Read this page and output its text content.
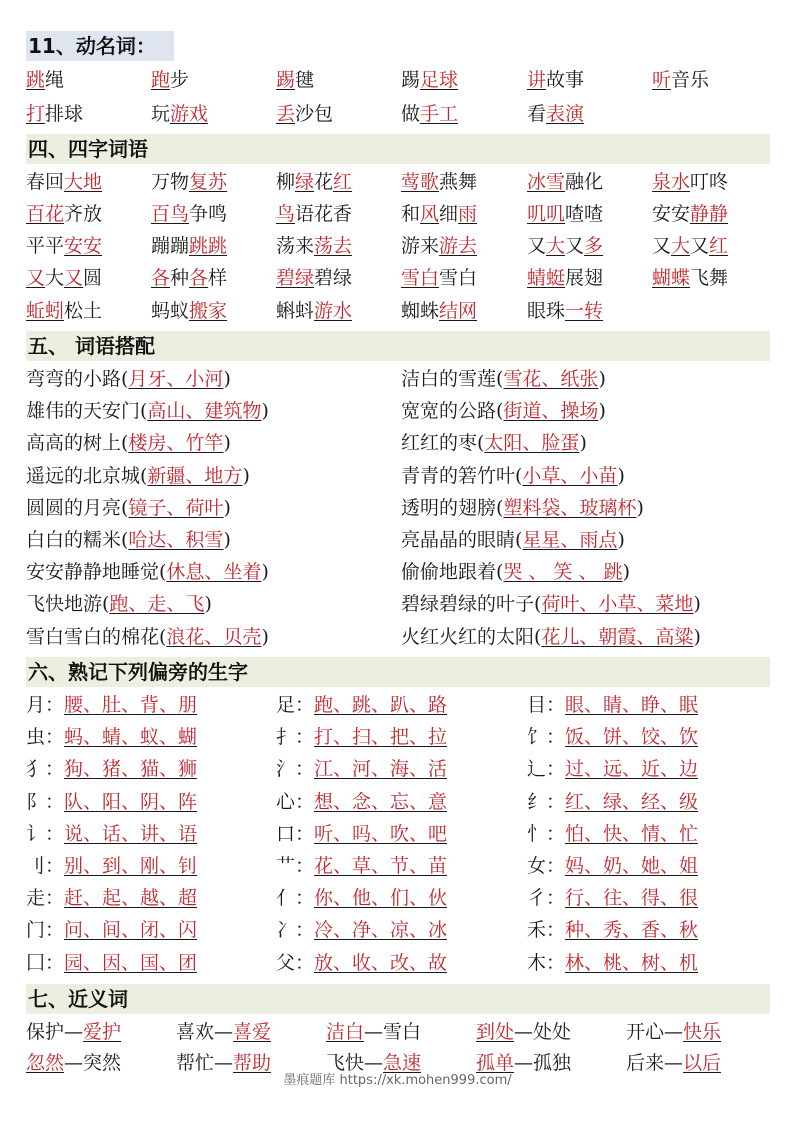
11、动名词：
跳绳	跑步	踢毽	踢足球	讲故事	听音乐
打排球	玩游戏	丢沙包	做手工	看表演
四、四字词语
春回大地	万物复苏	柳绿花红	莺歌燕舞	冰雪融化	泉水叮咚
百花齐放	百鸟争鸣	鸟语花香	和风细雨	叽叽喳喳	安安静静
平平安安	蹦蹦跳跳	荡来荡去	游来游去	又大又多	又大又红
又大又圆	各种各样	碧绿碧绿	雪白雪白	蜻蜓展翅	蝴蝶飞舞
蚯蚓松土	蚂蚁搬家	蝌蚪游水	蜘蛛结网	眼珠一转
五、 词语搭配
弯弯的小路(月牙、小河)	洁白的雪莲(雪花、纸张)
雄伟的天安门(高山、建筑物)	宽宽的公路(街道、操场)
高高的树上(楼房、竹竿)	红红的枣(太阳、脸蛋)
遥远的北京城(新疆、地方)	青青的箬竹叶(小草、小苗)
圆圆的月亮(镜子、荷叶)	透明的翅膀(塑料袋、玻璃杯)
白白的糯米(哈达、积雪)	亮晶晶的眼睛(星星、雨点)
安安静静地睡觉(休息、坐着)	偷偷地跟着(哭 、 笑 、 跳)
飞快地游(跑、走、飞)	碧绿碧绿的叶子(荷叶、小草、菜地)
雪白雪白的棉花(浪花、贝壳)	火红火红的太阳(花儿、朝霞、高粱)
六、熟记下列偏旁的生字
月：腰、肚、背、朋	足：跑、跳、趴、路	目：眼、睛、睁、眠
虫：蚂、蜻、蚁、蝴	扌：打、扫、把、拉	饣：饭、饼、饺、饮
犭：狗、猪、猫、狮	氵：江、河、海、活	辶：过、远、近、边
阝：队、阳、阴、阵	心：想、念、忘、意	纟：红、绿、经、级
讠：说、话、讲、语	口：听、吗、吹、吧	忄：怕、快、情、忙
刂：别、到、刚、钊	艹：花、草、节、苗	女：妈、奶、她、姐
走：赶、起、越、超	亻：你、他、们、伙	彳：行、往、得、很
门：问、间、闭、闪	冫：冷、净、凉、冰	禾：种、秀、香、秋
囗：园、因、国、团	父：放、收、改、故	木：林、桃、树、机
七、近义词
保护—爱护	喜欢—喜爱	洁白—雪白	到处—处处	开心—快乐
忽然—突然	帮忙—帮助	飞快—急速	孤单—孤独	后来—以后
墨痕题库 https://xk.mohen999.com/
